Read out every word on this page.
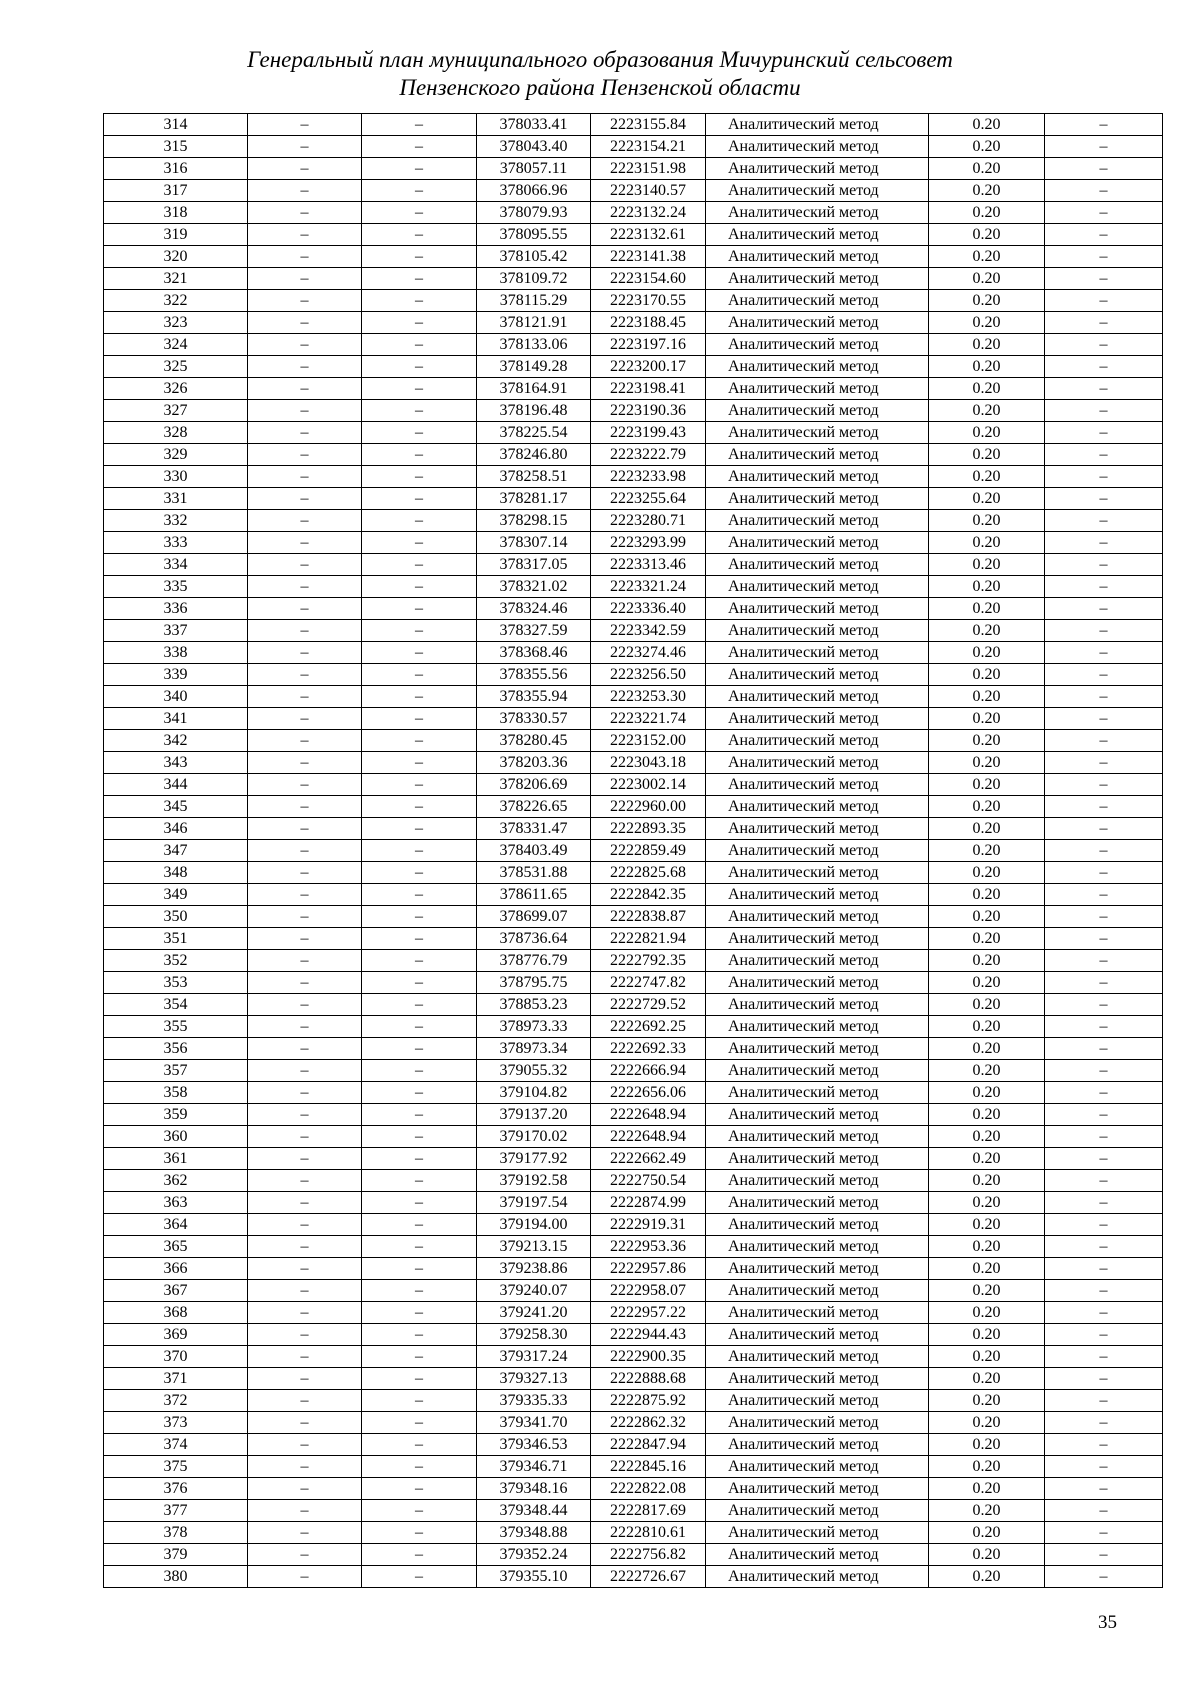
Генеральный план муниципального образования Мичуринский сельсовет
Пензенского района Пензенской области
314	–	–	378033.41	2223155.84	Аналитический метод	0.20	–
315	–	–	378043.40	2223154.21	Аналитический метод	0.20	–
316	–	–	378057.11	2223151.98	Аналитический метод	0.20	–
317	–	–	378066.96	2223140.57	Аналитический метод	0.20	–
318	–	–	378079.93	2223132.24	Аналитический метод	0.20	–
319	–	–	378095.55	2223132.61	Аналитический метод	0.20	–
320	–	–	378105.42	2223141.38	Аналитический метод	0.20	–
321	–	–	378109.72	2223154.60	Аналитический метод	0.20	–
322	–	–	378115.29	2223170.55	Аналитический метод	0.20	–
323	–	–	378121.91	2223188.45	Аналитический метод	0.20	–
324	–	–	378133.06	2223197.16	Аналитический метод	0.20	–
325	–	–	378149.28	2223200.17	Аналитический метод	0.20	–
326	–	–	378164.91	2223198.41	Аналитический метод	0.20	–
327	–	–	378196.48	2223190.36	Аналитический метод	0.20	–
328	–	–	378225.54	2223199.43	Аналитический метод	0.20	–
329	–	–	378246.80	2223222.79	Аналитический метод	0.20	–
330	–	–	378258.51	2223233.98	Аналитический метод	0.20	–
331	–	–	378281.17	2223255.64	Аналитический метод	0.20	–
332	–	–	378298.15	2223280.71	Аналитический метод	0.20	–
333	–	–	378307.14	2223293.99	Аналитический метод	0.20	–
334	–	–	378317.05	2223313.46	Аналитический метод	0.20	–
335	–	–	378321.02	2223321.24	Аналитический метод	0.20	–
336	–	–	378324.46	2223336.40	Аналитический метод	0.20	–
337	–	–	378327.59	2223342.59	Аналитический метод	0.20	–
338	–	–	378368.46	2223274.46	Аналитический метод	0.20	–
339	–	–	378355.56	2223256.50	Аналитический метод	0.20	–
340	–	–	378355.94	2223253.30	Аналитический метод	0.20	–
341	–	–	378330.57	2223221.74	Аналитический метод	0.20	–
342	–	–	378280.45	2223152.00	Аналитический метод	0.20	–
343	–	–	378203.36	2223043.18	Аналитический метод	0.20	–
344	–	–	378206.69	2223002.14	Аналитический метод	0.20	–
345	–	–	378226.65	2222960.00	Аналитический метод	0.20	–
346	–	–	378331.47	2222893.35	Аналитический метод	0.20	–
347	–	–	378403.49	2222859.49	Аналитический метод	0.20	–
348	–	–	378531.88	2222825.68	Аналитический метод	0.20	–
349	–	–	378611.65	2222842.35	Аналитический метод	0.20	–
350	–	–	378699.07	2222838.87	Аналитический метод	0.20	–
351	–	–	378736.64	2222821.94	Аналитический метод	0.20	–
352	–	–	378776.79	2222792.35	Аналитический метод	0.20	–
353	–	–	378795.75	2222747.82	Аналитический метод	0.20	–
354	–	–	378853.23	2222729.52	Аналитический метод	0.20	–
355	–	–	378973.33	2222692.25	Аналитический метод	0.20	–
356	–	–	378973.34	2222692.33	Аналитический метод	0.20	–
357	–	–	379055.32	2222666.94	Аналитический метод	0.20	–
358	–	–	379104.82	2222656.06	Аналитический метод	0.20	–
359	–	–	379137.20	2222648.94	Аналитический метод	0.20	–
360	–	–	379170.02	2222648.94	Аналитический метод	0.20	–
361	–	–	379177.92	2222662.49	Аналитический метод	0.20	–
362	–	–	379192.58	2222750.54	Аналитический метод	0.20	–
363	–	–	379197.54	2222874.99	Аналитический метод	0.20	–
364	–	–	379194.00	2222919.31	Аналитический метод	0.20	–
365	–	–	379213.15	2222953.36	Аналитический метод	0.20	–
366	–	–	379238.86	2222957.86	Аналитический метод	0.20	–
367	–	–	379240.07	2222958.07	Аналитический метод	0.20	–
368	–	–	379241.20	2222957.22	Аналитический метод	0.20	–
369	–	–	379258.30	2222944.43	Аналитический метод	0.20	–
370	–	–	379317.24	2222900.35	Аналитический метод	0.20	–
371	–	–	379327.13	2222888.68	Аналитический метод	0.20	–
372	–	–	379335.33	2222875.92	Аналитический метод	0.20	–
373	–	–	379341.70	2222862.32	Аналитический метод	0.20	–
374	–	–	379346.53	2222847.94	Аналитический метод	0.20	–
375	–	–	379346.71	2222845.16	Аналитический метод	0.20	–
376	–	–	379348.16	2222822.08	Аналитический метод	0.20	–
377	–	–	379348.44	2222817.69	Аналитический метод	0.20	–
378	–	–	379348.88	2222810.61	Аналитический метод	0.20	–
379	–	–	379352.24	2222756.82	Аналитический метод	0.20	–
380	–	–	379355.10	2222726.67	Аналитический метод	0.20	–
35
